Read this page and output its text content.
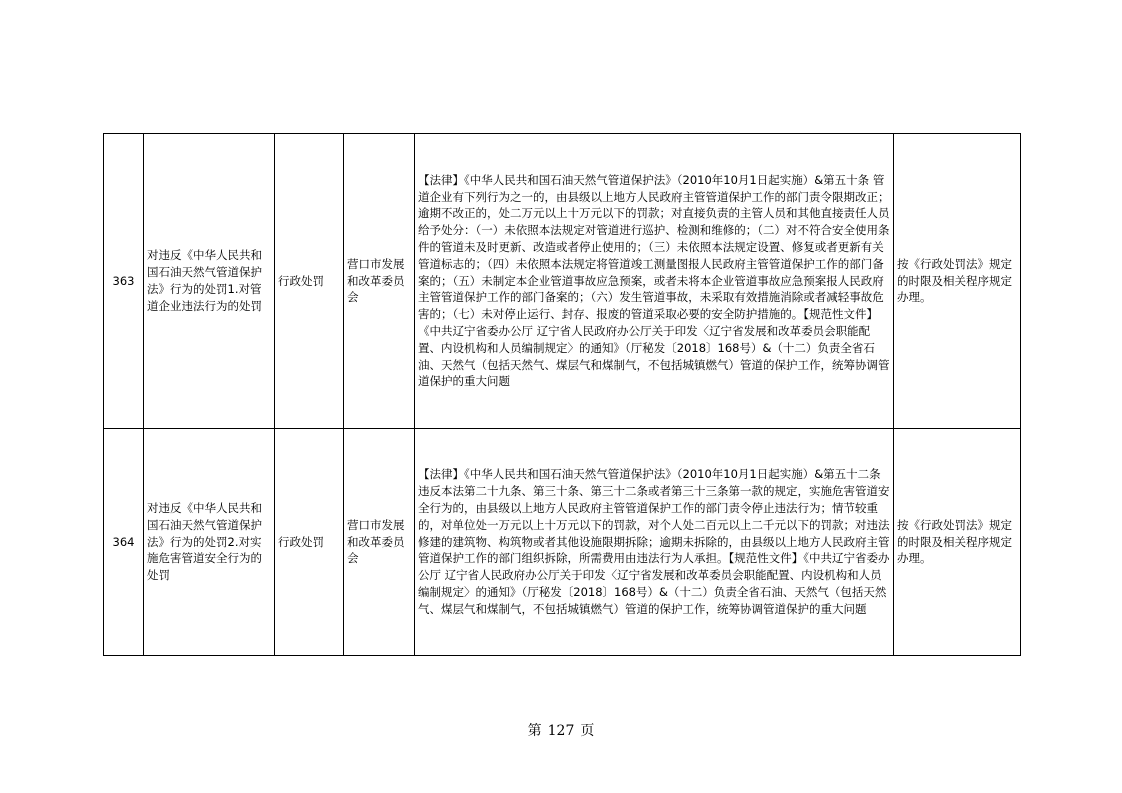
363	对违反《中华人民共和国石油天然气管道保护法》行为的处罚1.对管道企业违法行为的处罚	行政处罚	营口市发展和改革委员会	【法律】《中华人民共和国石油天然气管道保护法》（2010年10月1日起实施）&第五十条 管道企业有下列行为之一的，由县级以上地方人民政府主管管道保护工作的部门责令限期改正；逾期不改正的，处二万元以上十万元以下的罚款；对直接负责的主管人员和其他直接责任人员给予处分：（一）未依照本法规定对管道进行巡护、检测和维修的；（二）对不符合安全使用条件的管道未及时更新、改造或者停止使用的；（三）未依照本法规定设置、修复或者更新有关管道标志的；（四）未依照本法规定将管道竣工测量图报人民政府主管管道保护工作的部门备案的；（五）未制定本企业管道事故应急预案，或者未将本企业管道事故应急预案报人民政府主管管道保护工作的部门备案的；（六）发生管道事故，未采取有效措施消除或者减轻事故危害的；（七）未对停止运行、封存、报废的管道采取必要的安全防护措施的。【规范性文件】《中共辽宁省委办公厅 辽宁省人民政府办公厅关于印发〈辽宁省发展和改革委员会职能配置、内设机构和人员编制规定〉的通知》（厅秘发〔2018〕168号）&（十二）负责全省石油、天然气（包括天然气、煤层气和煤制气，不包括城镇燃气）管道的保护工作，统筹协调管道保护的重大问题	按《行政处罚法》规定的时限及相关程序规定办理。
364	对违反《中华人民共和国石油天然气管道保护法》行为的处罚2.对实施危害管道安全行为的处罚	行政处罚	营口市发展和改革委员会	【法律】《中华人民共和国石油天然气管道保护法》（2010年10月1日起实施）&第五十二条 违反本法第二十九条、第三十条、第三十二条或者第三十三条第一款的规定，实施危害管道安全行为的，由县级以上地方人民政府主管管道保护工作的部门责令停止违法行为；情节较重的，对单位处一万元以上十万元以下的罚款，对个人处二百元以上二千元以下的罚款；对违法修建的建筑物、构筑物或者其他设施限期拆除；逾期未拆除的，由县级以上地方人民政府主管管道保护工作的部门组织拆除，所需费用由违法行为人承担。【规范性文件】《中共辽宁省委办公厅 辽宁省人民政府办公厅关于印发〈辽宁省发展和改革委员会职能配置、内设机构和人员编制规定〉的通知》（厅秘发〔2018〕168号）&（十二）负责全省石油、天然气（包括天然气、煤层气和煤制气，不包括城镇燃气）管道的保护工作，统筹协调管道保护的重大问题	按《行政处罚法》规定的时限及相关程序规定办理。
第 127 页
